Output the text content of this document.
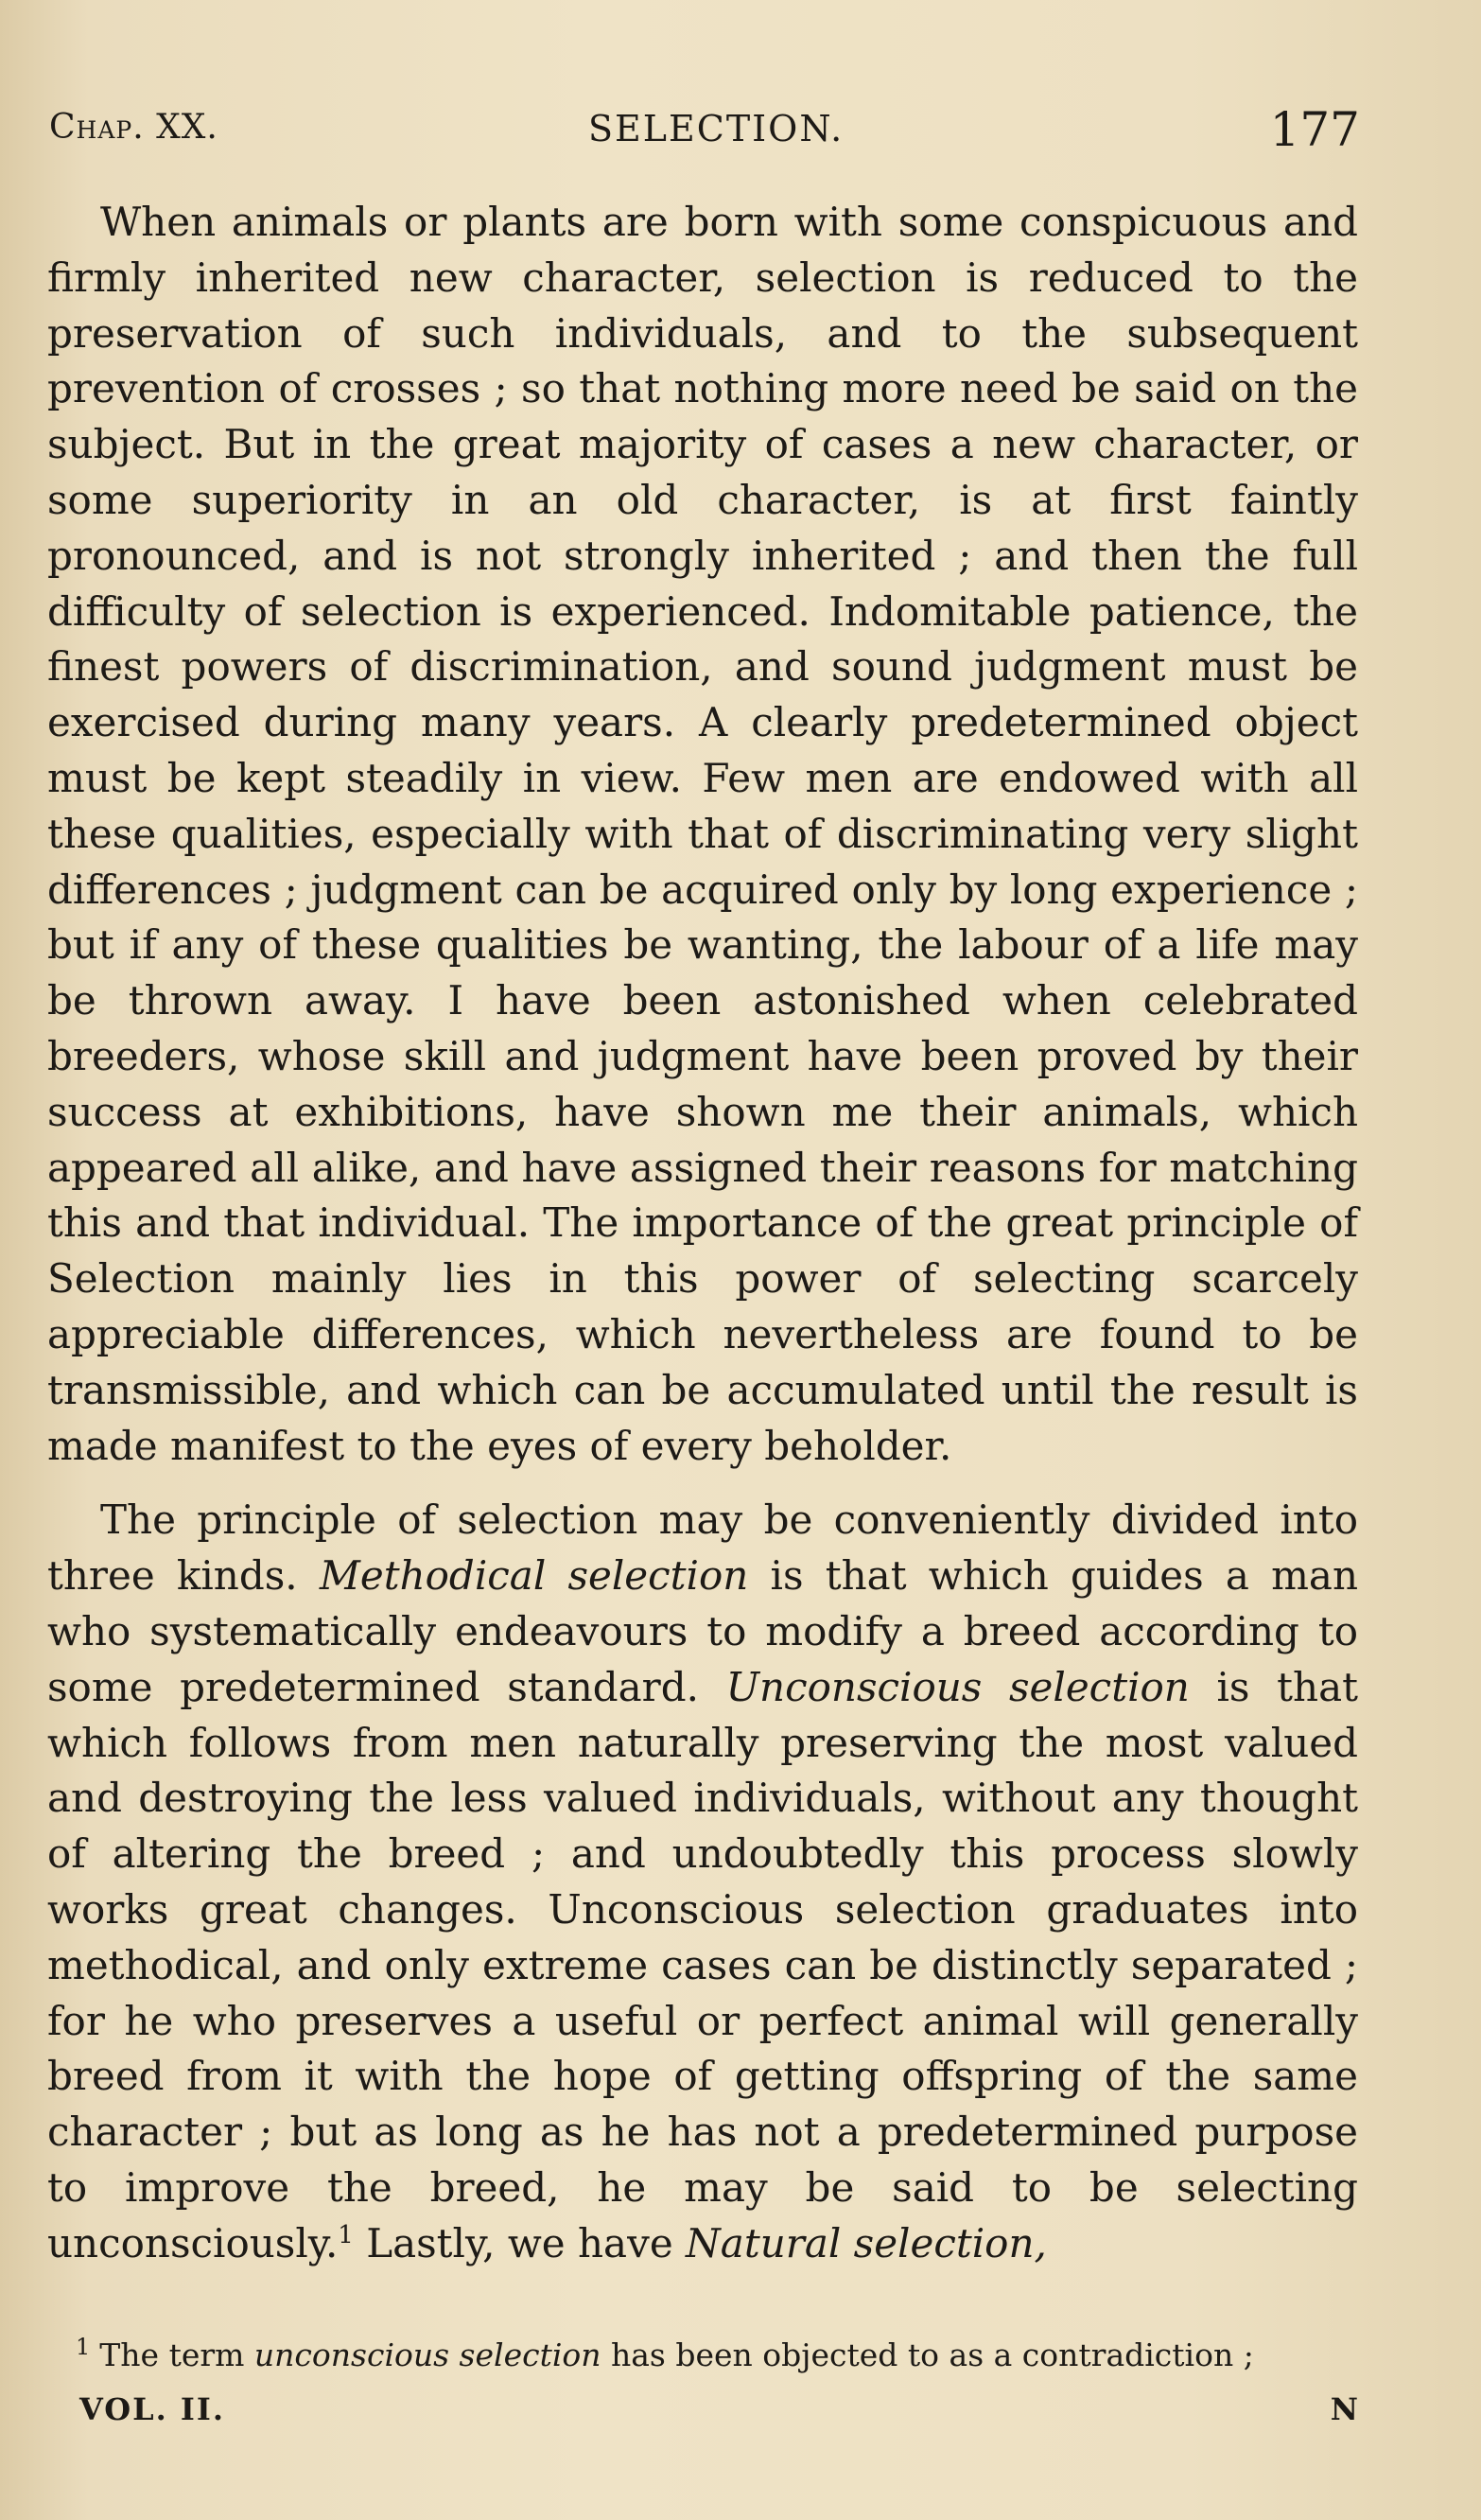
Chap. XX.	SELECTION.	177

When animals or plants are born with some conspicuous and firmly inherited new character, selection is reduced to the preservation of such individuals, and to the subsequent prevention of crosses ; so that nothing more need be said on the subject. But in the great majority of cases a new character, or some superiority in an old character, is at first faintly pronounced, and is not strongly inherited ; and then the full difficulty of selection is experienced. Indomitable patience, the finest powers of discrimination, and sound judgment must be exercised during many years. A clearly predetermined object must be kept steadily in view. Few men are endowed with all these qualities, especially with that of discriminating very slight differences ; judgment can be acquired only by long experience ; but if any of these qualities be wanting, the labour of a life may be thrown away. I have been astonished when celebrated breeders, whose skill and judgment have been proved by their success at exhibitions, have shown me their animals, which appeared all alike, and have assigned their reasons for matching this and that individual. The importance of the great principle of Selection mainly lies in this power of selecting scarcely appreciable differences, which nevertheless are found to be transmissible, and which can be accumulated until the result is made manifest to the eyes of every beholder.

The principle of selection may be conveniently divided into three kinds. Methodical selection is that which guides a man who systematically endeavours to modify a breed according to some predetermined standard. Unconscious selection is that which follows from men naturally preserving the most valued and destroying the less valued individuals, without any thought of altering the breed ; and undoubtedly this process slowly works great changes. Unconscious selection graduates into methodical, and only extreme cases can be distinctly separated ; for he who preserves a useful or perfect animal will generally breed from it with the hope of getting offspring of the same character ; but as long as he has not a predetermined purpose to improve the breed, he may be said to be selecting unconsciously.$^1$ Lastly, we have Natural selection,

$^1$ The term unconscious selection has been objected to as a contradiction ;
VOL. II.	N
